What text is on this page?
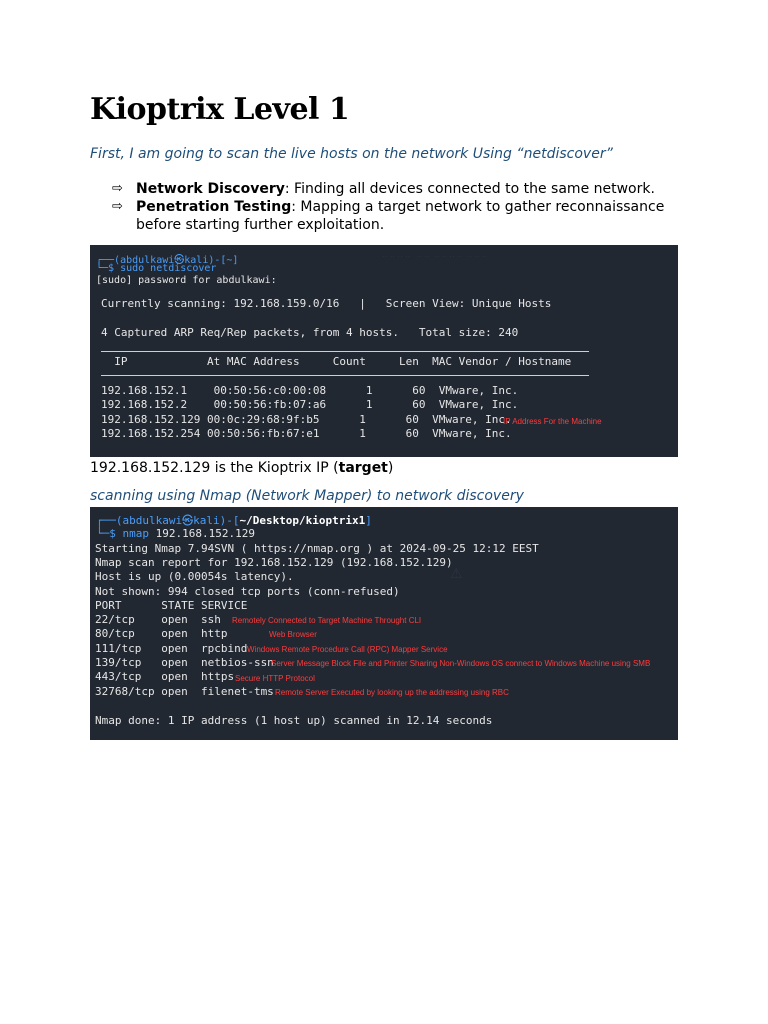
Kioptrix Level 1

First, I am going to scan the live hosts on the network Using “netdiscover”

⇨ Network Discovery: Finding all devices connected to the same network.
⇨ Penetration Testing: Mapping a target network to gather reconnaissance before starting further exploitation.
·· ·· ·· ··   ·· ··  ·· ·· ·· ··  ·· ·· ··
┌──(abdulkawi㉿kali)-[~]
└─$ sudo netdiscover
[sudo] password for abdulkawi:
Currently scanning: 192.168.159.0/16   |   Screen View: Unique Hosts
4 Captured ARP Req/Rep packets, from 4 hosts.   Total size: 240
IP            At MAC Address     Count     Len  MAC Vendor / Hostname
192.168.152.1    00:50:56:c0:00:08      1      60  VMware, Inc.
192.168.152.2    00:50:56:fb:07:a6      1      60  VMware, Inc.
192.168.152.129 00:0c:29:68:9f:b5      1      60  VMware, Inc.
IP Address For the Machine
192.168.152.254 00:50:56:fb:67:e1      1      60  VMware, Inc.

192.168.152.129 is the Kioptrix IP (target)

scanning using Nmap (Network Mapper) to network discovery

⚠
┌──(abdulkawi㉿kali)-[~/Desktop/kioptrix1]
└─$ nmap 192.168.152.129
Starting Nmap 7.94SVN ( https://nmap.org ) at 2024-09-25 12:12 EEST
Nmap scan report for 192.168.152.129 (192.168.152.129)
Host is up (0.00054s latency).
Not shown: 994 closed tcp ports (conn-refused)
PORT      STATE SERVICE
22/tcp    open  ssh Remotely Connected to Target Machine Throught CLI
80/tcp    open  http	Web Browser
111/tcp   open  rpcbind Windows Remote Procedure Call (RPC) Mapper Service
139/tcp   open  netbios-ssn
Server Message Block File and Printer Sharing Non-Windows OS connect to Windows Machine using SMB
443/tcp   open  https Secure HTTP Protocol
32768/tcp open  filenet-tms Remote Server Executed by looking up the addressing using RBC
Nmap done: 1 IP address (1 host up) scanned in 12.14 seconds
